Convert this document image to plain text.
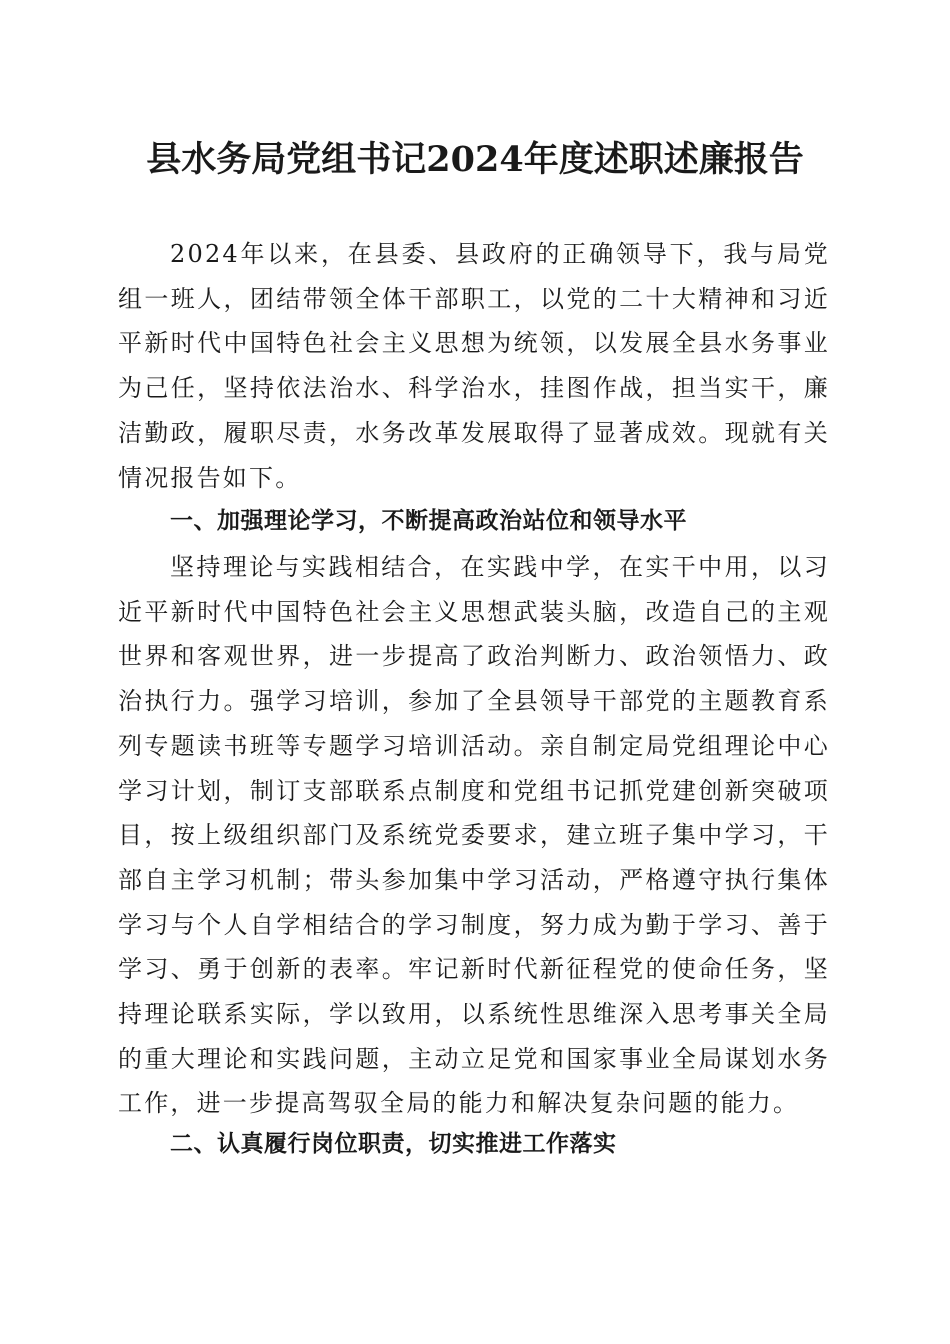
县水务局党组书记2024年度述职述廉报告

2024年以来，在县委、县政府的正确领导下，我与局党组一班人，团结带领全体干部职工，以党的二十大精神和习近平新时代中国特色社会主义思想为统领，以发展全县水务事业为己任，坚持依法治水、科学治水，挂图作战，担当实干，廉洁勤政，履职尽责，水务改革发展取得了显著成效。现就有关情况报告如下。

一、加强理论学习，不断提高政治站位和领导水平

坚持理论与实践相结合，在实践中学，在实干中用，以习近平新时代中国特色社会主义思想武装头脑，改造自己的主观世界和客观世界，进一步提高了政治判断力、政治领悟力、政治执行力。强学习培训，参加了全县领导干部党的主题教育系列专题读书班等专题学习培训活动。亲自制定局党组理论中心学习计划，制订支部联系点制度和党组书记抓党建创新突破项目，按上级组织部门及系统党委要求，建立班子集中学习，干部自主学习机制；带头参加集中学习活动，严格遵守执行集体学习与个人自学相结合的学习制度，努力成为勤于学习、善于学习、勇于创新的表率。牢记新时代新征程党的使命任务，坚持理论联系实际，学以致用，以系统性思维深入思考事关全局的重大理论和实践问题，主动立足党和国家事业全局谋划水务工作，进一步提高驾驭全局的能力和解决复杂问题的能力。

二、认真履行岗位职责，切实推进工作落实
